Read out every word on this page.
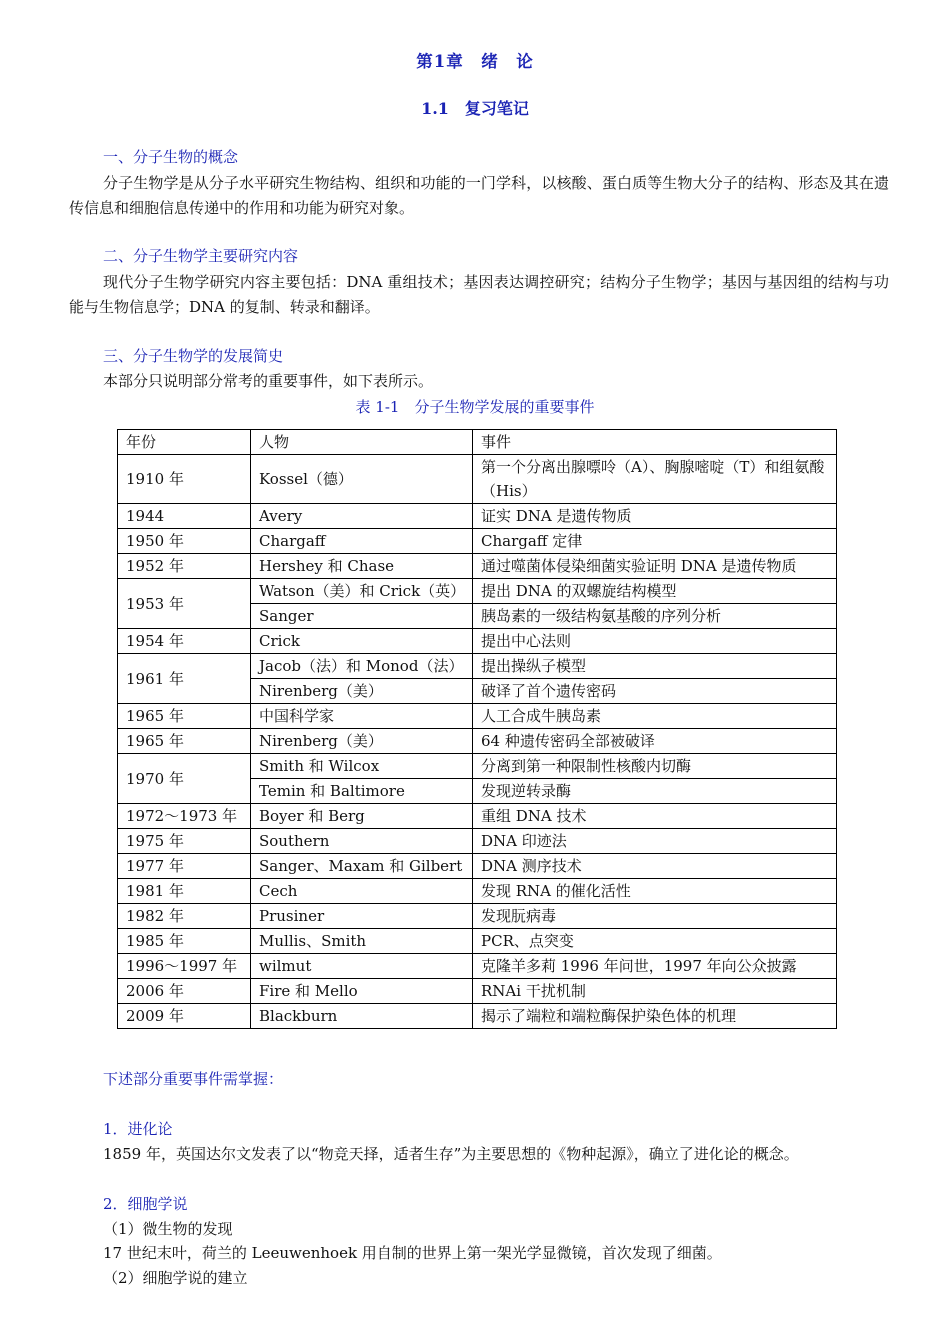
第1章　绪　论
1.1　复习笔记
一、分子生物的概念
分子生物学是从分子水平研究生物结构、组织和功能的一门学科，以核酸、蛋白质等生物大分子的结构、形态及其在遗传信息和细胞信息传递中的作用和功能为研究对象。
二、分子生物学主要研究内容
现代分子生物学研究内容主要包括：DNA 重组技术；基因表达调控研究；结构分子生物学；基因与基因组的结构与功能与生物信息学；DNA 的复制、转录和翻译。
三、分子生物学的发展简史
本部分只说明部分常考的重要事件，如下表所示。
表 1-1　分子生物学发展的重要事件
年份	人物	事件
1910 年	Kossel（德）	第一个分离出腺嘌呤（A）、胸腺嘧啶（T）和组氨酸（His）
1944	Avery	证实 DNA 是遗传物质
1950 年	Chargaff	Chargaff 定律
1952 年	Hershey 和 Chase	通过噬菌体侵染细菌实验证明 DNA 是遗传物质
1953 年	Watson（美）和 Crick（英）	提出 DNA 的双螺旋结构模型
	Sanger	胰岛素的一级结构氨基酸的序列分析
1954 年	Crick	提出中心法则
1961 年	Jacob（法）和 Monod（法）	提出操纵子模型
	Nirenberg（美）	破译了首个遗传密码
1965 年	中国科学家	人工合成牛胰岛素
1965 年	Nirenberg（美）	64 种遗传密码全部被破译
1970 年	Smith 和 Wilcox	分离到第一种限制性核酸内切酶
	Temin 和 Baltimore	发现逆转录酶
1972～1973 年	Boyer 和 Berg	重组 DNA 技术
1975 年	Southern	DNA 印迹法
1977 年	Sanger、Maxam 和 Gilbert	DNA 测序技术
1981 年	Cech	发现 RNA 的催化活性
1982 年	Prusiner	发现朊病毒
1985 年	Mullis、Smith	PCR、点突变
1996～1997 年	wilmut	克隆羊多莉 1996 年问世，1997 年向公众披露
2006 年	Fire 和 Mello	RNAi 干扰机制
2009 年	Blackburn	揭示了端粒和端粒酶保护染色体的机理
下述部分重要事件需掌握：
1．进化论
1859 年，英国达尔文发表了以“物竞天择，适者生存”为主要思想的《物种起源》，确立了进化论的概念。
2．细胞学说
（1）微生物的发现
17 世纪末叶，荷兰的 Leeuwenhoek 用自制的世界上第一架光学显微镜，首次发现了细菌。
（2）细胞学说的建立
